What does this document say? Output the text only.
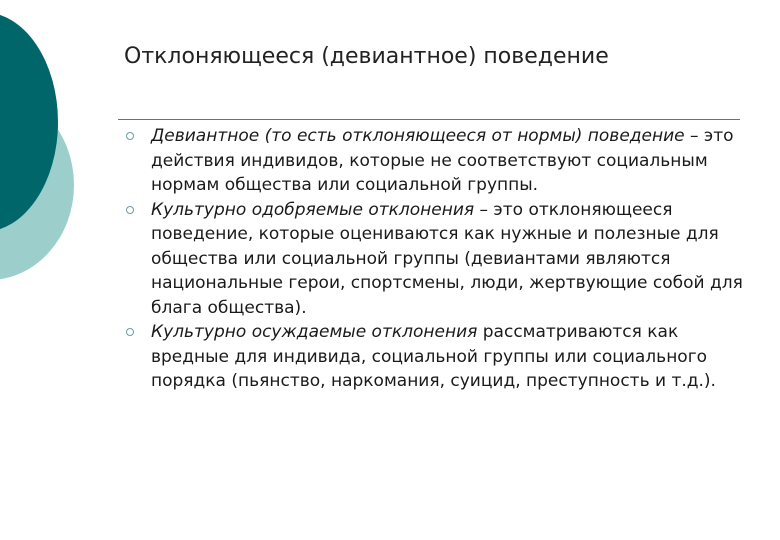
Отклоняющееся (девиантное) поведение
Девиантное (то есть отклоняющееся от нормы) поведение – это действия индивидов, которые не соответствуют социальным нормам общества или социальной группы.
Культурно одобряемые отклонения – это отклоняющееся поведение, которые оцениваются как нужные и полезные для общества или социальной группы (девиантами являются национальные герои, спортсмены, люди, жертвующие собой для блага общества).
Культурно осуждаемые отклонения рассматриваются как вредные для индивида, социальной группы или социального порядка (пьянство, наркомания, суицид, преступность и т.д.).
